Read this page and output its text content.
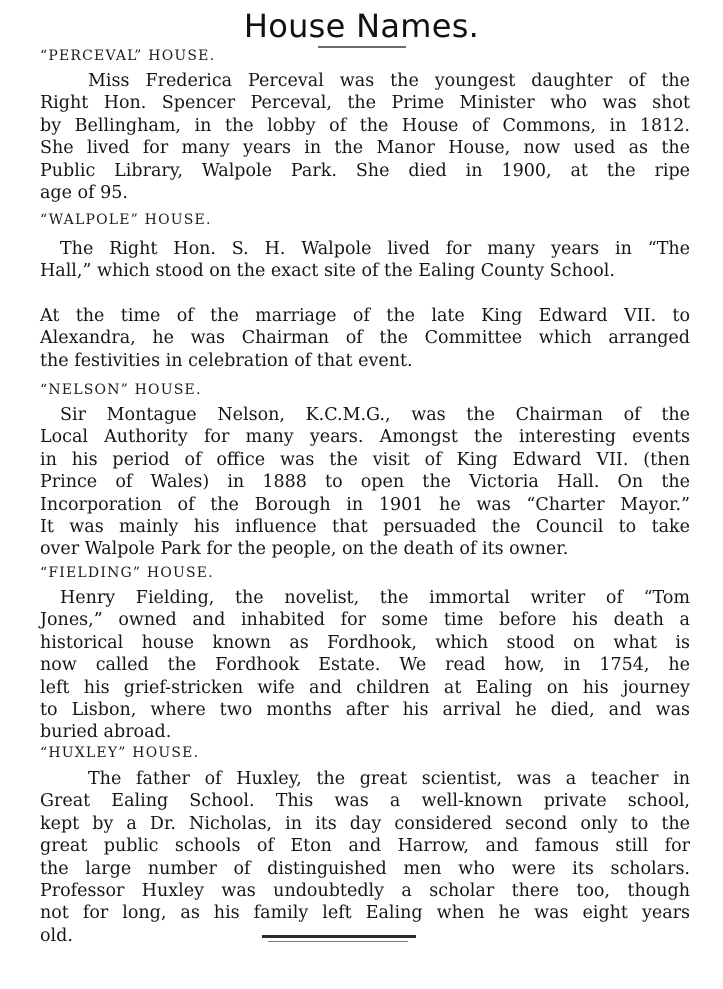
House Names.
“PERCEVAL” HOUSE.
Miss Frederica Perceval was the youngest daughter of the
Right Hon. Spencer Perceval, the Prime Minister who was shot
by Bellingham, in the lobby of the House of Commons, in 1812.
She lived for many years in the Manor House, now used as the
Public Library, Walpole Park. She died in 1900, at the ripe
age of 95.
“WALPOLE” HOUSE.
The Right Hon. S. H. Walpole lived for many years in “The
Hall,” which stood on the exact site of the Ealing County School.
At the time of the marriage of the late King Edward VII. to
Alexandra, he was Chairman of the Committee which arranged
the festivities in celebration of that event.
“NELSON” HOUSE.
Sir Montague Nelson, K.C.M.G., was the Chairman of the
Local Authority for many years. Amongst the interesting events
in his period of office was the visit of King Edward VII. (then
Prince of Wales) in 1888 to open the Victoria Hall. On the
Incorporation of the Borough in 1901 he was “Charter Mayor.”
It was mainly his influence that persuaded the Council to take
over Walpole Park for the people, on the death of its owner.
“FIELDING” HOUSE.
Henry Fielding, the novelist, the immortal writer of “Tom
Jones,” owned and inhabited for some time before his death a
historical house known as Fordhook, which stood on what is
now called the Fordhook Estate. We read how, in 1754, he
left his grief-stricken wife and children at Ealing on his journey
to Lisbon, where two months after his arrival he died, and was
buried abroad.
“HUXLEY” HOUSE.
The father of Huxley, the great scientist, was a teacher in
Great Ealing School. This was a well-known private school,
kept by a Dr. Nicholas, in its day considered second only to the
great public schools of Eton and Harrow, and famous still for
the large number of distinguished men who were its scholars.
Professor Huxley was undoubtedly a scholar there too, though
not for long, as his family left Ealing when he was eight years
old.
